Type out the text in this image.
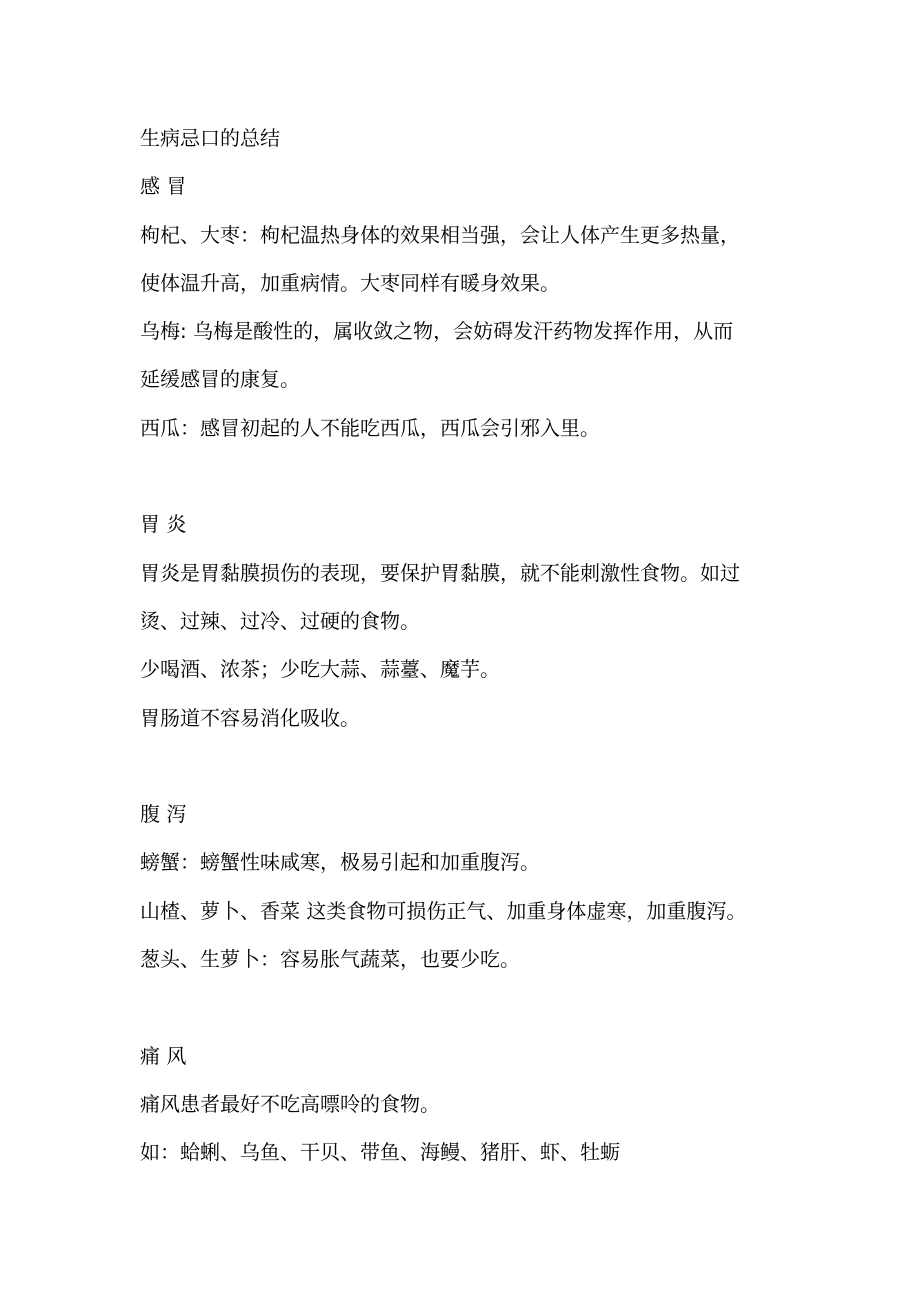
生病忌口的总结
感 冒
枸杞、大枣：枸杞温热身体的效果相当强，会让人体产生更多热量，
使体温升高，加重病情。大枣同样有暖身效果。
乌梅: 乌梅是酸性的，属收敛之物，会妨碍发汗药物发挥作用，从而
延缓感冒的康复。
西瓜：感冒初起的人不能吃西瓜，西瓜会引邪入里。
胃 炎
胃炎是胃黏膜损伤的表现，要保护胃黏膜，就不能刺激性食物。如过
烫、过辣、过冷、过硬的食物。
少喝酒、浓茶；少吃大蒜、蒜薹、魔芋。
胃肠道不容易消化吸收。
腹 泻
螃蟹：螃蟹性味咸寒，极易引起和加重腹泻。
山楂、萝卜、香菜 这类食物可损伤正气、加重身体虚寒，加重腹泻。
葱头、生萝卜：容易胀气蔬菜，也要少吃。
痛 风
痛风患者最好不吃高嘌呤的食物。
如：蛤蜊、乌鱼、干贝、带鱼、海鳗、猪肝、虾、牡蛎
